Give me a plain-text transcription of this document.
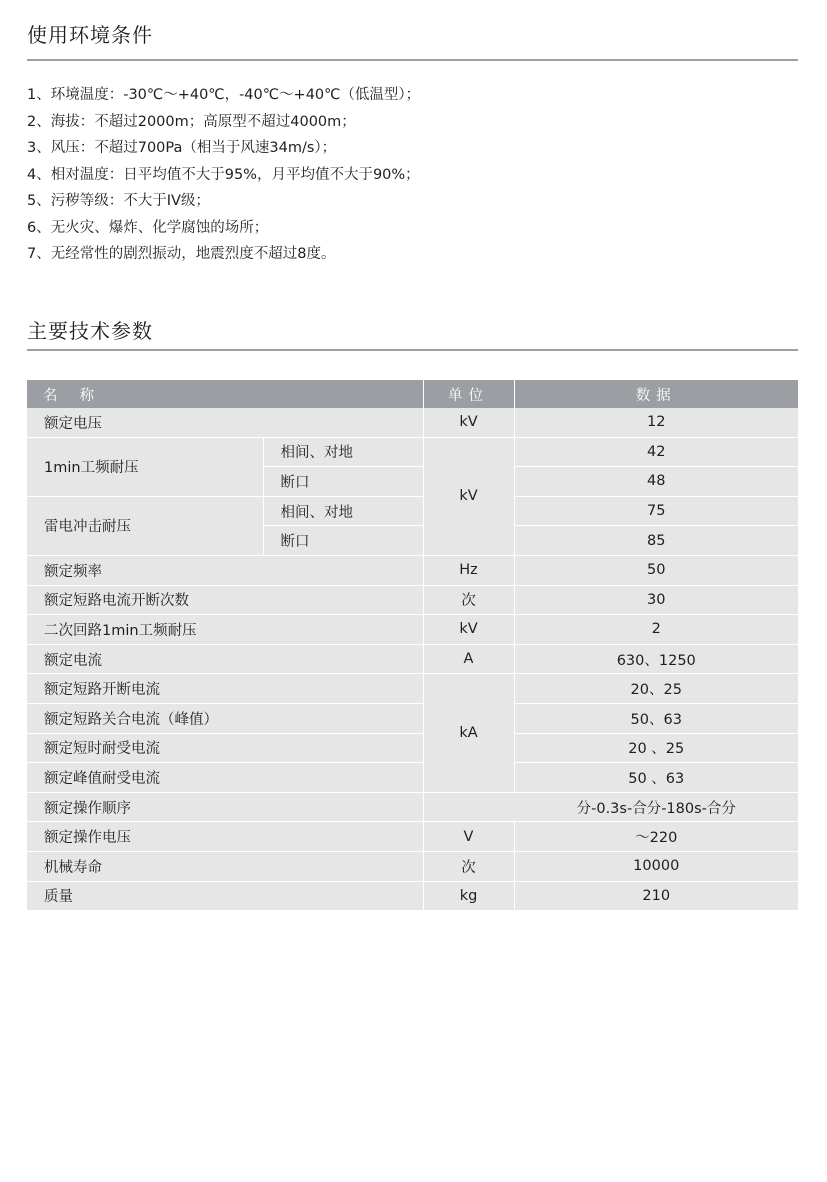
使用环境条件
1、环境温度：-30℃～+40℃，-40℃～+40℃（低温型）；
2、海拔：不超过2000m；高原型不超过4000m；
3、风压：不超过700Pa（相当于风速34m/s）；
4、相对温度：日平均值不大于95%，月平均值不大于90%；
5、污秽等级：不大于IV级；
6、无火灾、爆炸、化学腐蚀的场所；
7、无经常性的剧烈振动，地震烈度不超过8度。
主要技术参数
名称		单位	数据
额定电压		kV	12
1min工频耐压	相间、对地	kV	42
	断口		48
雷电冲击耐压	相间、对地		75
	断口		85
额定频率		Hz	50
额定短路电流开断次数		次	30
二次回路1min工频耐压		kV	2
额定电流		A	630、1250
额定短路开断电流		kA	20、25
额定短路关合电流（峰值）			50、63
额定短时耐受电流			20 、25
额定峰值耐受电流			50 、63
额定操作顺序		分-0.3s-合分-180s-合分	
额定操作电压		V	～220
机械寿命		次	10000
质量		kg	210
